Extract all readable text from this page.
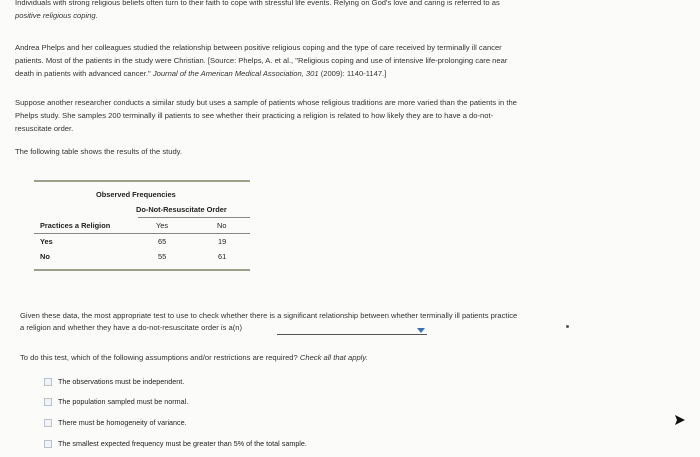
Individuals with strong religious beliefs often turn to their faith to cope with stressful life events. Relying on God's love and caring is referred to as
positive religious coping.
Andrea Phelps and her colleagues studied the relationship between positive religious coping and the type of care received by terminally ill cancer
patients. Most of the patients in the study were Christian. [Source: Phelps, A. et al., "Religious coping and use of intensive life-prolonging care near
death in patients with advanced cancer." Journal of the American Medical Association, 301 (2009): 1140-1147.]
Suppose another researcher conducts a similar study but uses a sample of patients whose religious traditions are more varied than the patients in the
Phelps study. She samples 200 terminally ill patients to see whether their practicing a religion is related to how likely they are to have a do-not-
resuscitate order.
The following table shows the results of the study.
Observed Frequencies
Do-Not-Resuscitate Order
Practices a Religion	Yes	No
Yes	65	19
No	55	61
Given these data, the most appropriate test to use to check whether there is a significant relationship between whether terminally ill patients practice
a religion and whether they have a do-not-resuscitate order is a(n)
To do this test, which of the following assumptions and/or restrictions are required? Check all that apply.
The observations must be independent.
The population sampled must be normal.
There must be homogeneity of variance.
The smallest expected frequency must be greater than 5% of the total sample.
